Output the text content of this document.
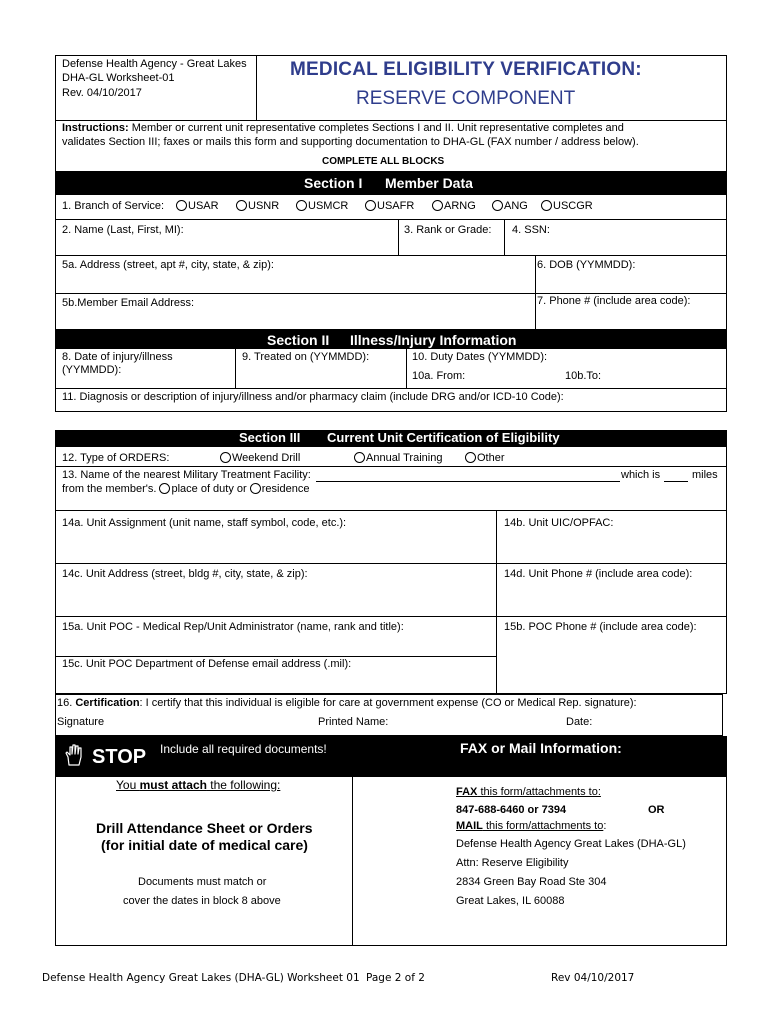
Defense Health Agency - Great Lakes
DHA-GL Worksheet-01
Rev. 04/10/2017
MEDICAL ELIGIBILITY VERIFICATION:
RESERVE COMPONENT
Instructions: Member or current unit representative completes Sections I and II. Unit representative completes and
validates Section III; faxes or mails this form and supporting documentation to DHA-GL (FAX number / address below).
COMPLETE ALL BLOCKS
Section I Member Data
1. Branch of Service:	USAR	USNR	USMCR	USAFR	ARNG	ANG	USCGR
2. Name (Last, First, MI):	3. Rank or Grade: 4. SSN:
5a. Address (street, apt #, city, state, & zip):	6. DOB (YYMMDD):
5b.Member Email Address:	7. Phone # (include area code):
Section II Illness/Injury Information
8. Date of injury/illness
(YYMMDD):
9. Treated on (YYMMDD):	10. Duty Dates (YYMMDD):
10a. From:	10b.To:
11. Diagnosis or description of injury/illness and/or pharmacy claim (include DRG and/or ICD-10 Code):
Section III Current Unit Certification of Eligibility
12. Type of ORDERS:	Weekend Drill	Annual Training	Other
13. Name of the nearest Military Treatment Facility:	which is	miles
from the member's. place of duty or residence
14a. Unit Assignment (unit name, staff symbol, code, etc.):	14b. Unit UIC/OPFAC:
14c. Unit Address (street, bldg #, city, state, & zip):	14d. Unit Phone # (include area code):
15a. Unit POC - Medical Rep/Unit Administrator (name, rank and title):	15b. POC Phone # (include area code):
15c. Unit POC Department of Defense email address (.mil):
16. Certification: I certify that this individual is eligible for care at government expense (CO or Medical Rep. signature):
Signature	Printed Name:	Date:
STOP Include all required documents!	FAX or Mail Information:
You must attach the following:
Drill Attendance Sheet or Orders
(for initial date of medical care)
Documents must match or
cover the dates in block 8 above
FAX this form/attachments to:
847-688-6460 or 7394	OR
MAIL this form/attachments to:
Defense Health Agency Great Lakes (DHA-GL)
Attn: Reserve Eligibility
2834 Green Bay Road Ste 304
Great Lakes, IL 60088
Defense Health Agency Great Lakes (DHA-GL) Worksheet 01 Page 2 of 2	Rev 04/10/2017
